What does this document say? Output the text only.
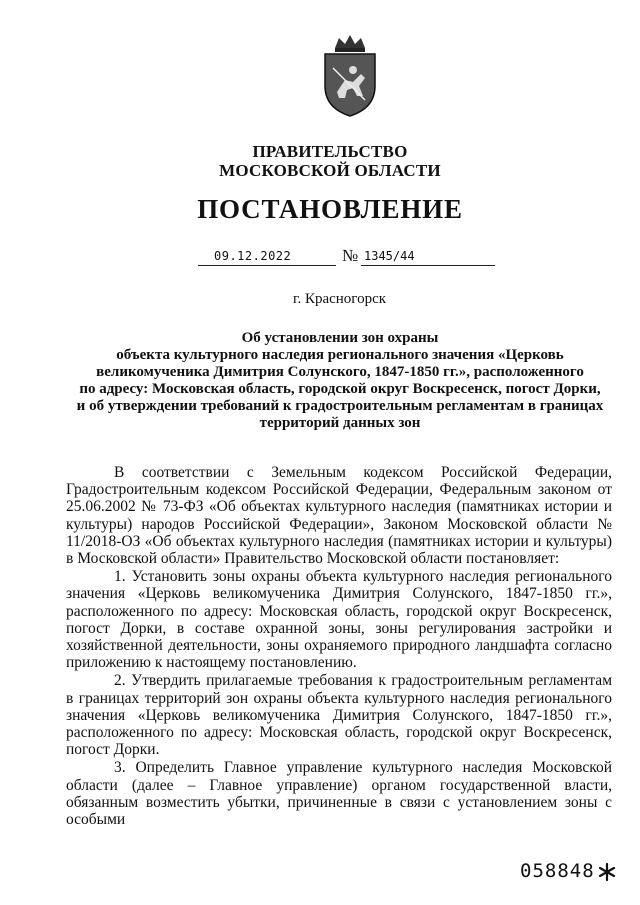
ПРАВИТЕЛЬСТВО
МОСКОВСКОЙ ОБЛАСТИ
ПОСТАНОВЛЕНИЕ
09.12.2022	№ 1345/44
г. Красногорск
Об установлении зон охраны
объекта культурного наследия регионального значения «Церковь
великомученика Димитрия Солунского, 1847-1850 гг.», расположенного
по адресу: Московская область, городской округ Воскресенск, погост Дорки,
и об утверждении требований к градостроительным регламентам в границах
территорий данных зон

В соответствии с Земельным кодексом Российской Федерации, Градостроительным кодексом Российской Федерации, Федеральным законом от 25.06.2002 № 73-ФЗ «Об объектах культурного наследия (памятниках истории и культуры) народов Российской Федерации», Законом Московской области № 11/2018-ОЗ «Об объектах культурного наследия (памятниках истории и культуры) в Московской области» Правительство Московской области постановляет:

1. Установить зоны охраны объекта культурного наследия регионального значения «Церковь великомученика Димитрия Солунского, 1847-1850 гг.», расположенного по адресу: Московская область, городской округ Воскресенск, погост Дорки, в составе охранной зоны, зоны регулирования застройки и хозяйственной деятельности, зоны охраняемого природного ландшафта согласно приложению к настоящему постановлению.

2. Утвердить прилагаемые требования к градостроительным регламентам в границах территорий зон охраны объекта культурного наследия регионального значения «Церковь великомученика Димитрия Солунского, 1847-1850 гг.», расположенного по адресу: Московская область, городской округ Воскресенск, погост Дорки.

3. Определить Главное управление культурного наследия Московской области (далее – Главное управление) органом государственной власти, обязанным возместить убытки, причиненные в связи с установлением зоны с особыми

058848
